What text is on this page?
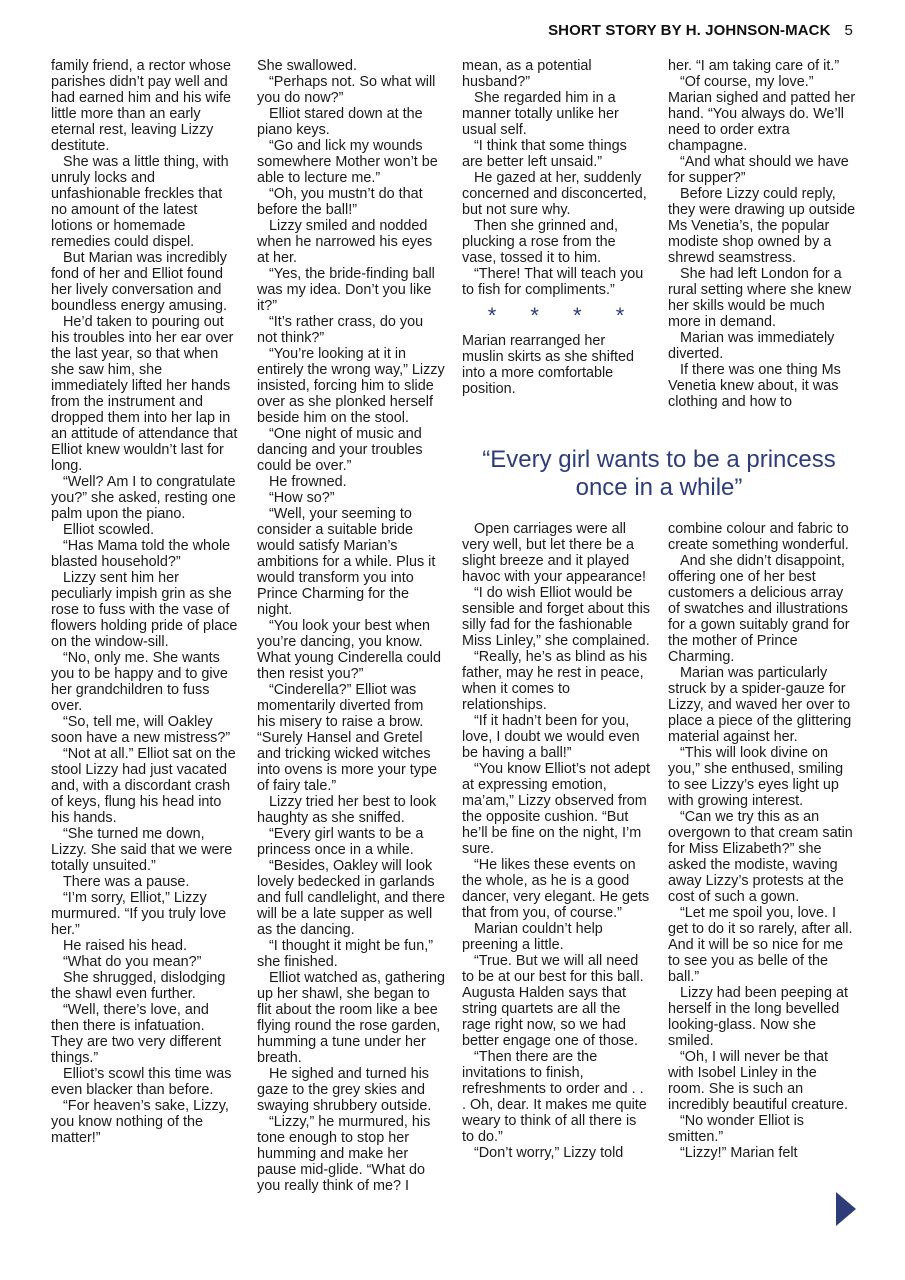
SHORT STORY BY H. JOHNSON-MACK 5

family friend, a rector whose parishes didn’t pay well and had earned him and his wife little more than an early eternal rest, leaving Lizzy destitute.

She was a little thing, with unruly locks and unfashionable freckles that no amount of the latest lotions or homemade remedies could dispel.

But Marian was incredibly fond of her and Elliot found her lively conversation and boundless energy amusing.

He’d taken to pouring out his troubles into her ear over the last year, so that when she saw him, she immediately lifted her hands from the instrument and dropped them into her lap in an attitude of attendance that Elliot knew wouldn’t last for long.

“Well? Am I to congratulate you?” she asked, resting one palm upon the piano.

Elliot scowled.

“Has Mama told the whole blasted household?”

Lizzy sent him her peculiarly impish grin as she rose to fuss with the vase of flowers holding pride of place on the window-sill.

“No, only me. She wants you to be happy and to give her grandchildren to fuss over.

“So, tell me, will Oakley soon have a new mistress?”

“Not at all.” Elliot sat on the stool Lizzy had just vacated and, with a discordant crash of keys, flung his head into his hands.

“She turned me down, Lizzy. She said that we were totally unsuited.”

There was a pause.

“I’m sorry, Elliot,” Lizzy murmured. “If you truly love her.”

He raised his head.

“What do you mean?”

She shrugged, dislodging the shawl even further.

“Well, there’s love, and then there is infatuation. They are two very different things.”

Elliot’s scowl this time was even blacker than before.

“For heaven’s sake, Lizzy, you know nothing of the matter!”

She swallowed.

“Perhaps not. So what will you do now?”

Elliot stared down at the piano keys.

“Go and lick my wounds somewhere Mother won’t be able to lecture me.”

“Oh, you mustn’t do that before the ball!”

Lizzy smiled and nodded when he narrowed his eyes at her.

“Yes, the bride-finding ball was my idea. Don’t you like it?”

“It’s rather crass, do you not think?”

“You’re looking at it in entirely the wrong way,” Lizzy insisted, forcing him to slide over as she plonked herself beside him on the stool.

“One night of music and dancing and your troubles could be over.”

He frowned.

“How so?”

“Well, your seeming to consider a suitable bride would satisfy Marian’s ambitions for a while. Plus it would transform you into Prince Charming for the night.

“You look your best when you’re dancing, you know. What young Cinderella could then resist you?”

“Cinderella?” Elliot was momentarily diverted from his misery to raise a brow. “Surely Hansel and Gretel and tricking wicked witches into ovens is more your type of fairy tale.”

Lizzy tried her best to look haughty as she sniffed.

“Every girl wants to be a princess once in a while.

“Besides, Oakley will look lovely bedecked in garlands and full candlelight, and there will be a late supper as well as the dancing.

“I thought it might be fun,” she finished.

Elliot watched as, gathering up her shawl, she began to flit about the room like a bee flying round the rose garden, humming a tune under her breath.

He sighed and turned his gaze to the grey skies and swaying shrubbery outside.

“Lizzy,” he murmured, his tone enough to stop her humming and make her pause mid-glide. “What do you really think of me? I

mean, as a potential husband?”

She regarded him in a manner totally unlike her usual self.

“I think that some things are better left unsaid.”

He gazed at her, suddenly concerned and disconcerted, but not sure why.

Then she grinned and, plucking a rose from the vase, tossed it to him.

“There! That will teach you to fish for compliments.”

* * * *

Marian rearranged her muslin skirts as she shifted into a more comfortable position.

her. “I am taking care of it.”

“Of course, my love.” Marian sighed and patted her hand. “You always do. We’ll need to order extra champagne.

“And what should we have for supper?”

Before Lizzy could reply, they were drawing up outside Ms Venetia’s, the popular modiste shop owned by a shrewd seamstress.

She had left London for a rural setting where she knew her skills would be much more in demand.

Marian was immediately diverted.

If there was one thing Ms Venetia knew about, it was clothing and how to

“Every girl wants to be a princess once in a while”

Open carriages were all very well, but let there be a slight breeze and it played havoc with your appearance!

“I do wish Elliot would be sensible and forget about this silly fad for the fashionable Miss Linley,” she complained.

“Really, he’s as blind as his father, may he rest in peace, when it comes to relationships.

“If it hadn’t been for you, love, I doubt we would even be having a ball!”

“You know Elliot’s not adept at expressing emotion, ma’am,” Lizzy observed from the opposite cushion. “But he’ll be fine on the night, I’m sure.

“He likes these events on the whole, as he is a good dancer, very elegant. He gets that from you, of course.”

Marian couldn’t help preening a little.

“True. But we will all need to be at our best for this ball. Augusta Halden says that string quartets are all the rage right now, so we had better engage one of those.

“Then there are the invitations to finish, refreshments to order and . . . Oh, dear. It makes me quite weary to think of all there is to do.”

“Don’t worry,” Lizzy told

combine colour and fabric to create something wonderful.

And she didn’t disappoint, offering one of her best customers a delicious array of swatches and illustrations for a gown suitably grand for the mother of Prince Charming.

Marian was particularly struck by a spider-gauze for Lizzy, and waved her over to place a piece of the glittering material against her.

“This will look divine on you,” she enthused, smiling to see Lizzy’s eyes light up with growing interest.

“Can we try this as an overgown to that cream satin for Miss Elizabeth?” she asked the modiste, waving away Lizzy’s protests at the cost of such a gown.

“Let me spoil you, love. I get to do it so rarely, after all. And it will be so nice for me to see you as belle of the ball.”

Lizzy had been peeping at herself in the long bevelled looking-glass. Now she smiled.

“Oh, I will never be that with Isobel Linley in the room. She is such an incredibly beautiful creature.

“No wonder Elliot is smitten.”

“Lizzy!” Marian felt
